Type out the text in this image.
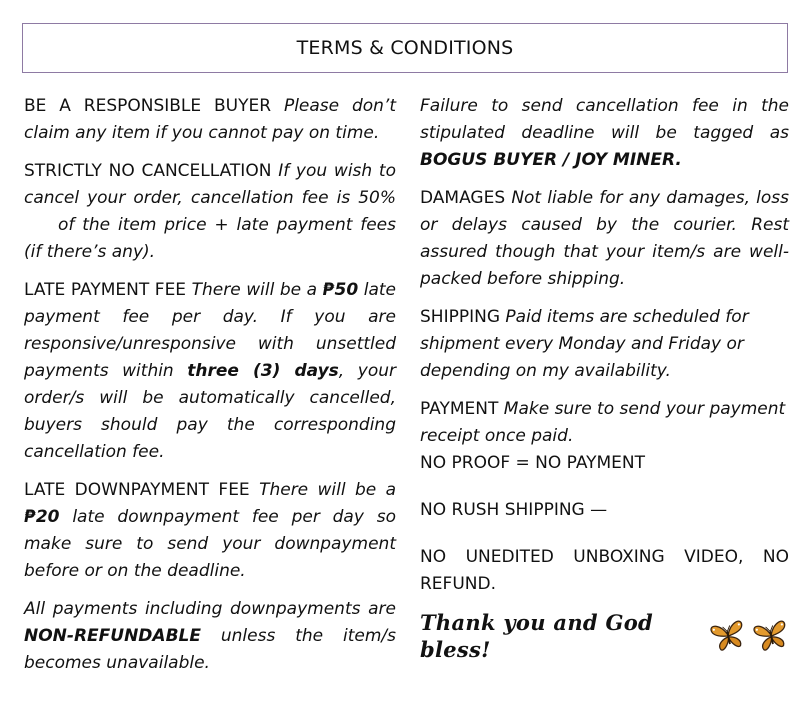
TERMS & CONDITIONS

BE A RESPONSIBLE BUYER Please don’t claim any item if you cannot pay on time.

STRICTLY NO CANCELLATION If you wish to cancel your order, cancellation fee is 50%of the item price + late payment fees (if there’s any).

LATE PAYMENT FEE There will be a ₱50 late payment fee per day. If you are responsive/unresponsive with unsettled payments within three (3) days, your order/s will be automatically cancelled, buyers should pay the corresponding cancellation fee.

LATE DOWNPAYMENT FEE There will be a ₱20 late downpayment fee per day so make sure to send your downpayment before or on the deadline.

All payments including downpayments are NON-REFUNDABLE unless the item/s becomes unavailable.

Failure to send cancellation fee in the stipulated deadline will be tagged as BOGUS BUYER / JOY MINER.

DAMAGES Not liable for any damages, loss or delays caused by the courier. Rest assured though that your item/s are well-packed before shipping.

SHIPPING Paid items are scheduled for shipment every Monday and Friday or depending on my availability.

PAYMENT Make sure to send your payment receipt once paid.

NO PROOF = NO PAYMENT

NO RUSH SHIPPING —

NO UNEDITED UNBOXING VIDEO, NO REFUND.

Thank you and God bless!
